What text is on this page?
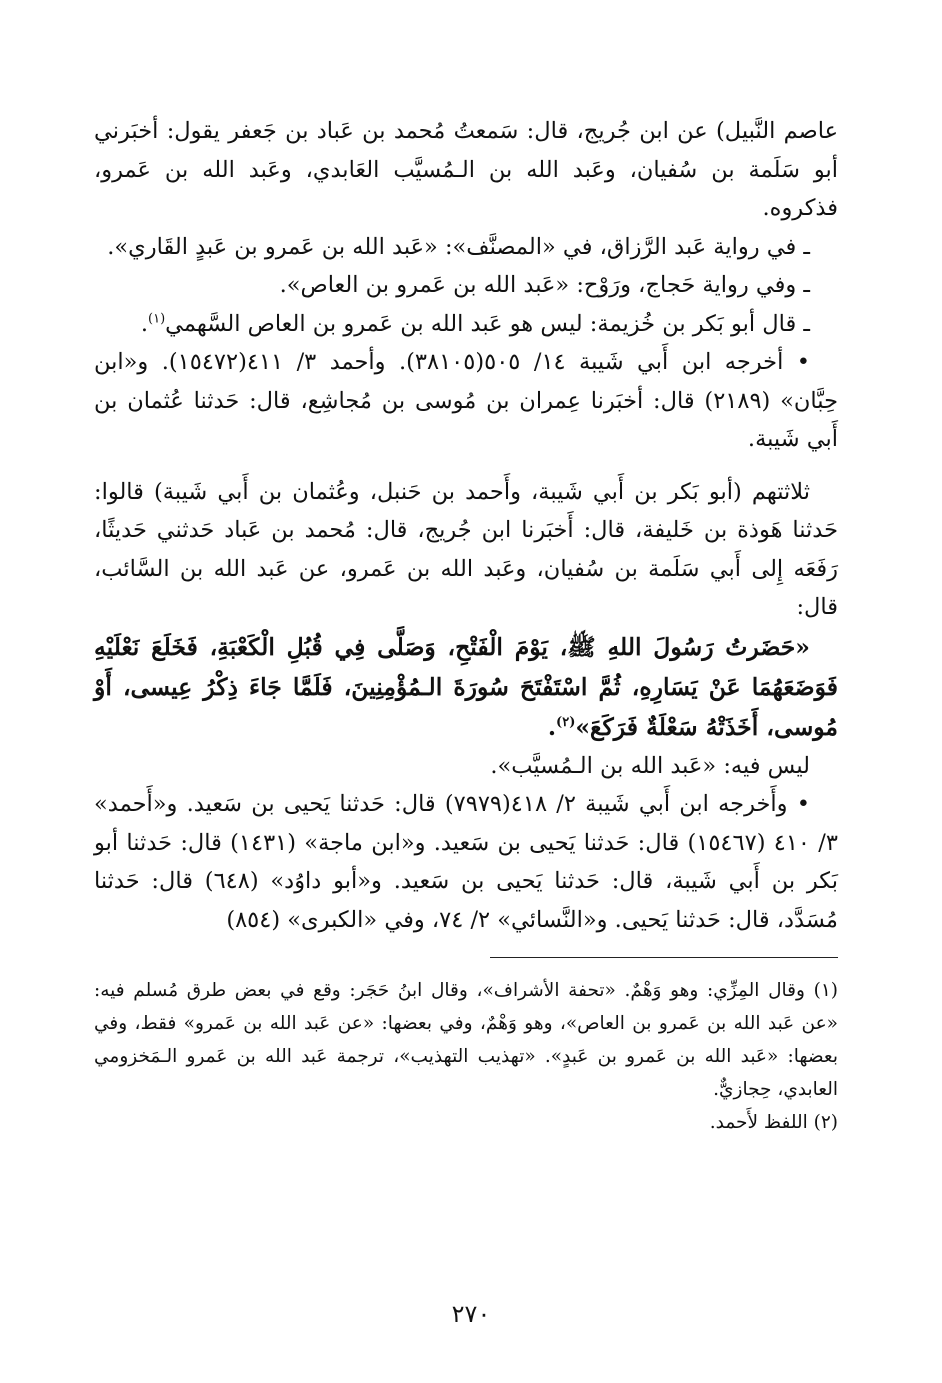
عاصم النَّبيل) عن ابن جُريج، قال: سَمعتُ مُحمد بن عَباد بن جَعفر يقول: أخبَرني أبو سَلَمة بن سُفيان، وعَبد الله بن الـمُسيَّب العَابدي، وعَبد الله بن عَمرو، فذكروه.

ـ في رواية عَبد الرَّزاق، في «المصنَّف»: «عَبد الله بن عَمرو بن عَبدٍ القَاري».

ـ وفي رواية حَجاج، ورَوْح: «عَبد الله بن عَمرو بن العاص».

ـ قال أبو بَكر بن خُزيمة: ليس هو عَبد الله بن عَمرو بن العاص السَّهمي$^{(١)}$.

• أخرجه ابن أَبي شَيبة ١٤/ ٥٠٥(٣٨١٠٥). وأحمد ٣/ ٤١١(١٥٤٧٢). و«ابن حِبَّان» (٢١٨٩) قال: أخبَرنا عِمران بن مُوسى بن مُجاشِع، قال: حَدثنا عُثمان بن أَبي شَيبة.

ثلاثتهم (أبو بَكر بن أَبي شَيبة، وأَحمد بن حَنبل، وعُثمان بن أَبي شَيبة) قالوا: حَدثنا هَوذة بن خَليفة، قال: أَخبَرنا ابن جُريج، قال: مُحمد بن عَباد حَدثني حَديثًا، رَفَعَه إِلى أَبي سَلَمة بن سُفيان، وعَبد الله بن عَمرو، عن عَبد الله بن السَّائب، قال:

«حَضَرتُ رَسُولَ اللهِ ﷺ، يَوْمَ الْفَتْحِ، وَصَلَّى فِي قُبُلِ الْكَعْبَةِ، فَخَلَعَ نَعْلَيْهِ فَوَضَعَهُمَا عَنْ يَسَارِهِ، ثُمَّ اسْتَفْتَحَ سُورَةَ الـمُؤْمِنِينَ، فَلَمَّا جَاءَ ذِكْرُ عِيسى، أَوْ مُوسى، أَخَذَتْهُ سَعْلَةٌ فَرَكَعَ»$^{(٢)}$.

ليس فيه: «عَبد الله بن الـمُسيَّب».

• وأَخرجه ابن أَبي شَيبة ٢/ ٤١٨(٧٩٧٩) قال: حَدثنا يَحيى بن سَعيد. و«أَحمد» ٣/ ٤١٠ (١٥٤٦٧) قال: حَدثنا يَحيى بن سَعيد. و«ابن ماجة» (١٤٣١) قال: حَدثنا أبو بَكر بن أَبي شَيبة، قال: حَدثنا يَحيى بن سَعيد. و«أبو داوُد» (٦٤٨) قال: حَدثنا مُسَدَّد، قال: حَدثنا يَحيى. و«النَّسائي» ٢/ ٧٤، وفي «الكبرى» (٨٥٤)

(١) وقال المِزِّي: وهو وَهْمٌ. «تحفة الأشراف»، وقال ابنُ حَجَر: وقع في بعض طرق مُسلم فيه: «عن عَبد الله بن عَمرو بن العاص»، وهو وَهْمٌ، وفي بعضها: «عن عَبد الله بن عَمرو» فقط، وفي بعضها: «عَبد الله بن عَمرو بن عَبدٍ». «تهذيب التهذيب»، ترجمة عَبد الله بن عَمرو الـمَخزومي العابدي، حِجازيٌّ.

(٢) اللفظ لأَحمد.

٢٧٠
